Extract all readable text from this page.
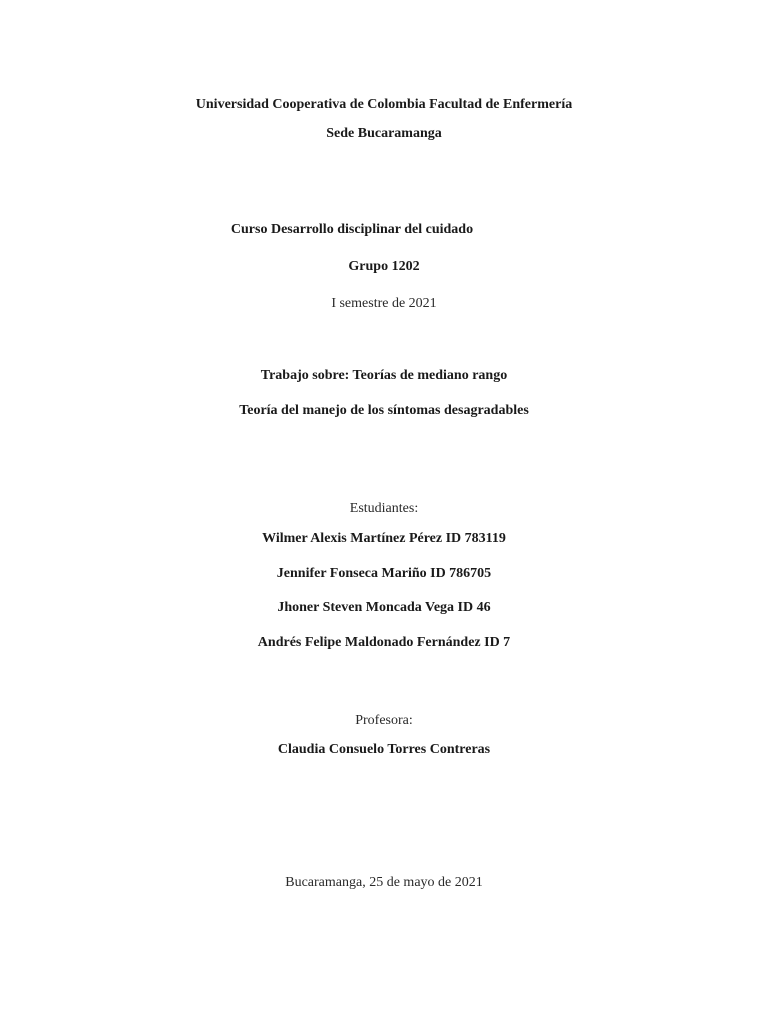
Universidad Cooperativa de Colombia Facultad de Enfermería
Sede Bucaramanga
Curso Desarrollo disciplinar del cuidado
Grupo 1202
I semestre de 2021
Trabajo sobre: Teorías de mediano rango
Teoría del manejo de los síntomas desagradables
Estudiantes:
Wilmer Alexis Martínez Pérez ID 783119
Jennifer Fonseca Mariño ID 786705
Jhoner Steven Moncada Vega ID 46
Andrés Felipe Maldonado Fernández ID 7
Profesora:
Claudia Consuelo Torres Contreras
Bucaramanga, 25 de mayo de 2021
